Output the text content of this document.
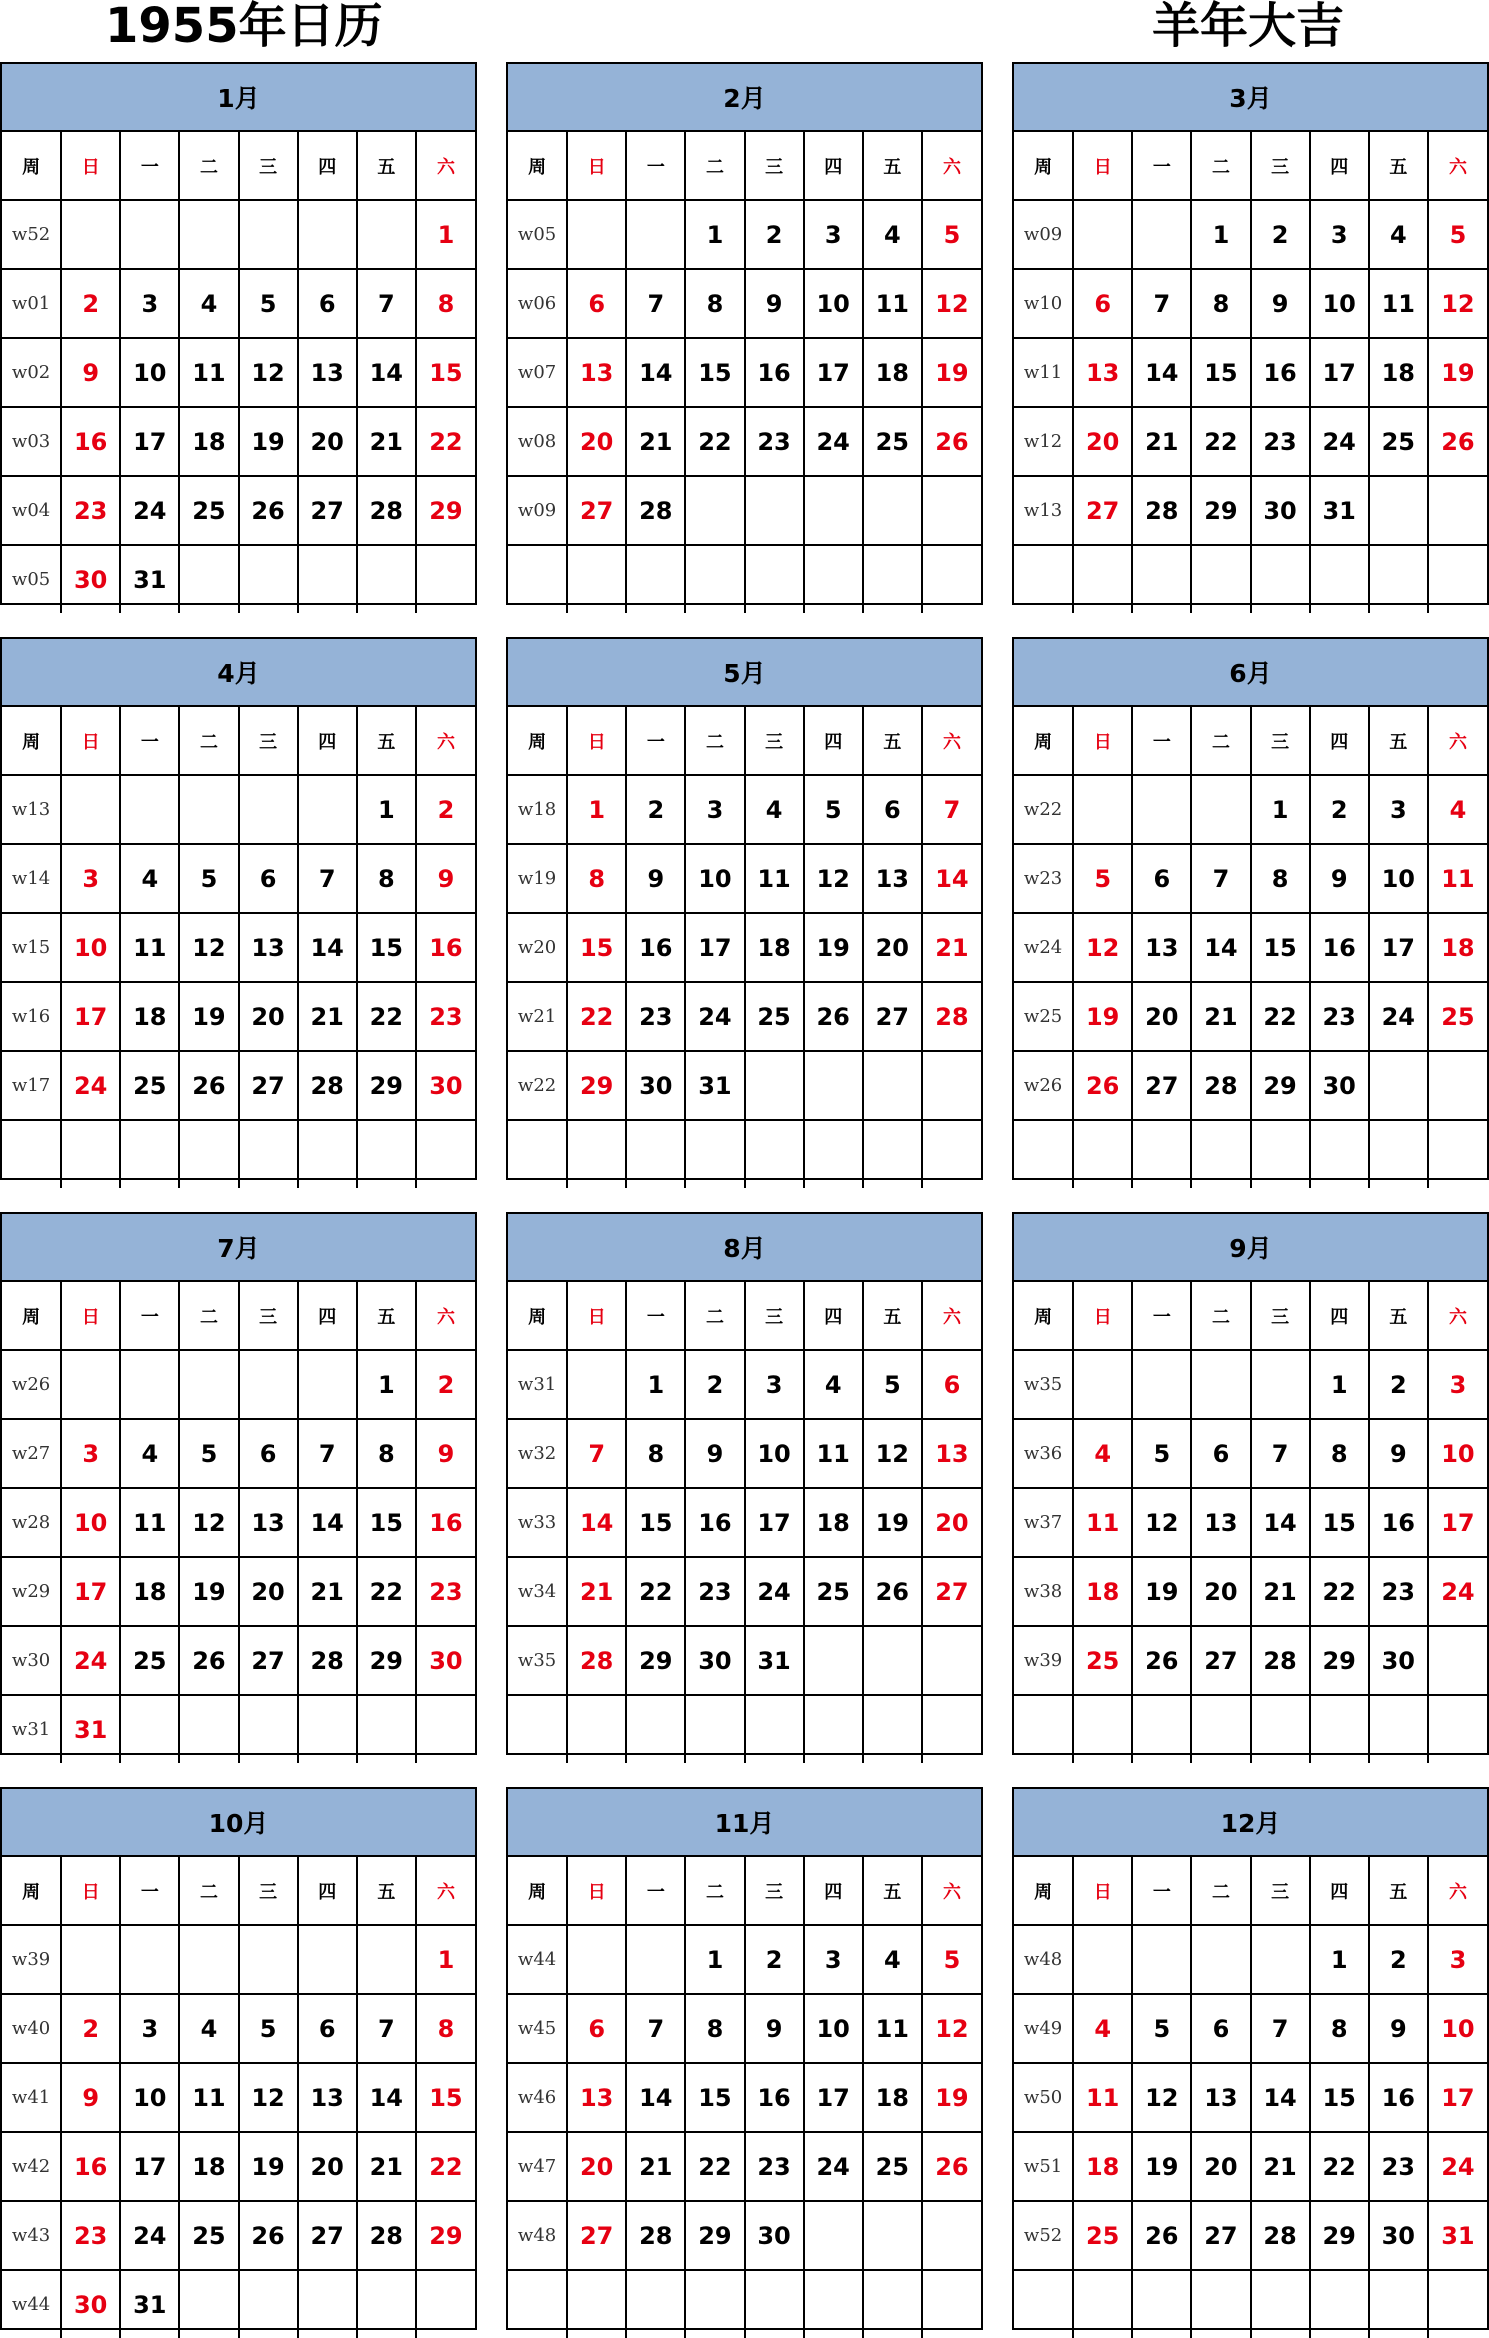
1955年日历	羊年大吉
1月
周	日	一	二	三	四	五	六
w52							1
w01	2	3	4	5	6	7	8
w02	9	10	11	12	13	14	15
w03	16	17	18	19	20	21	22
w04	23	24	25	26	27	28	29
w05	30	31					
2月
周	日	一	二	三	四	五	六
w05			1	2	3	4	5
w06	6	7	8	9	10	11	12
w07	13	14	15	16	17	18	19
w08	20	21	22	23	24	25	26
w09	27	28					

3月
周	日	一	二	三	四	五	六
w09			1	2	3	4	5
w10	6	7	8	9	10	11	12
w11	13	14	15	16	17	18	19
w12	20	21	22	23	24	25	26
w13	27	28	29	30	31		

4月
周	日	一	二	三	四	五	六
w13						1	2
w14	3	4	5	6	7	8	9
w15	10	11	12	13	14	15	16
w16	17	18	19	20	21	22	23
w17	24	25	26	27	28	29	30

5月
周	日	一	二	三	四	五	六
w18	1	2	3	4	5	6	7
w19	8	9	10	11	12	13	14
w20	15	16	17	18	19	20	21
w21	22	23	24	25	26	27	28
w22	29	30	31				

6月
周	日	一	二	三	四	五	六
w22				1	2	3	4
w23	5	6	7	8	9	10	11
w24	12	13	14	15	16	17	18
w25	19	20	21	22	23	24	25
w26	26	27	28	29	30		

7月
周	日	一	二	三	四	五	六
w26						1	2
w27	3	4	5	6	7	8	9
w28	10	11	12	13	14	15	16
w29	17	18	19	20	21	22	23
w30	24	25	26	27	28	29	30
w31	31						
8月
周	日	一	二	三	四	五	六
w31		1	2	3	4	5	6
w32	7	8	9	10	11	12	13
w33	14	15	16	17	18	19	20
w34	21	22	23	24	25	26	27
w35	28	29	30	31			

9月
周	日	一	二	三	四	五	六
w35					1	2	3
w36	4	5	6	7	8	9	10
w37	11	12	13	14	15	16	17
w38	18	19	20	21	22	23	24
w39	25	26	27	28	29	30	

10月
周	日	一	二	三	四	五	六
w39							1
w40	2	3	4	5	6	7	8
w41	9	10	11	12	13	14	15
w42	16	17	18	19	20	21	22
w43	23	24	25	26	27	28	29
w44	30	31					
11月
周	日	一	二	三	四	五	六
w44			1	2	3	4	5
w45	6	7	8	9	10	11	12
w46	13	14	15	16	17	18	19
w47	20	21	22	23	24	25	26
w48	27	28	29	30			

12月
周	日	一	二	三	四	五	六
w48					1	2	3
w49	4	5	6	7	8	9	10
w50	11	12	13	14	15	16	17
w51	18	19	20	21	22	23	24
w52	25	26	27	28	29	30	31
